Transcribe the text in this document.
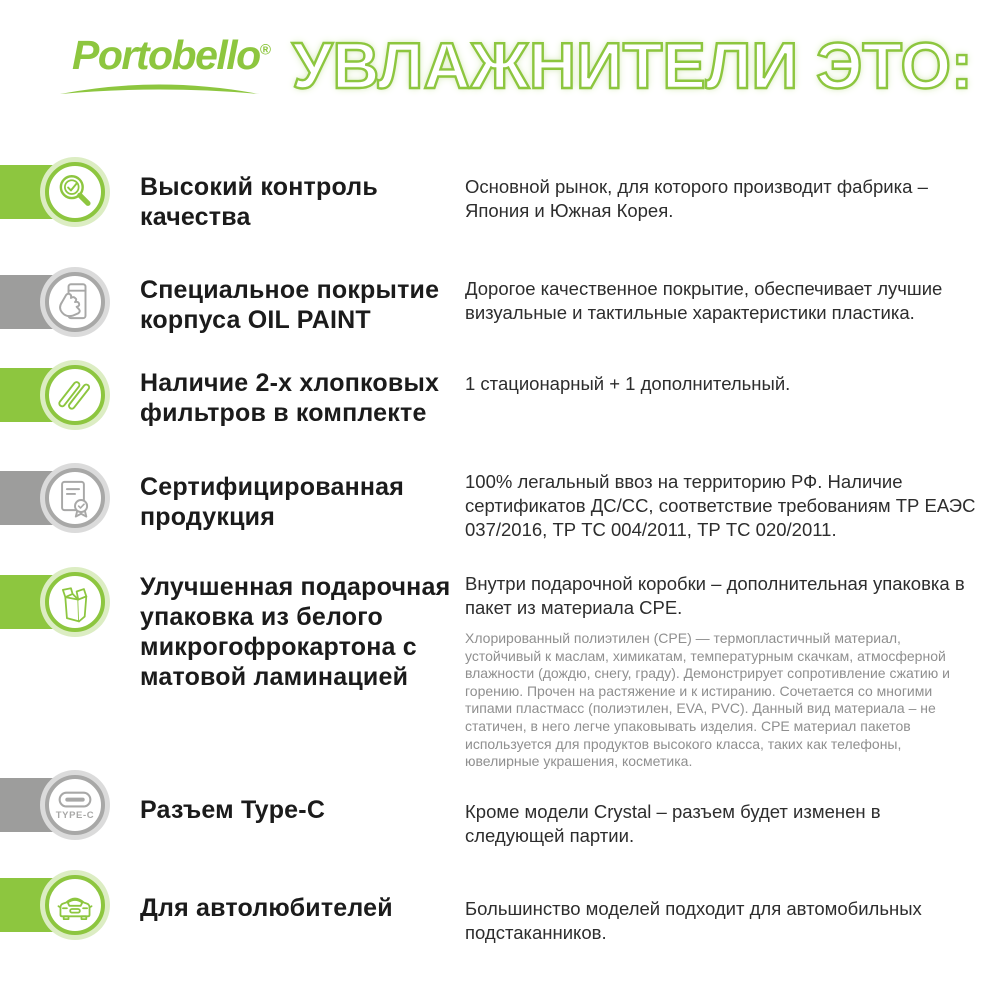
Portobello® УВЛАЖНИТЕЛИ ЭТО:
Высокий контроль качества

Основной рынок, для которого производит фабрика – Япония и Южная Корея.

Специальное покрытие корпуса OIL PAINT

Дорогое качественное покрытие, обеспечивает лучшие визуальные и тактильные характеристики пластика.

Наличие 2-х хлопковых фильтров в комплекте

1 стационарный + 1 дополнительный.

Сертифицированная продукция

100% легальный ввоз на территорию РФ. Наличие сертификатов ДС/СС, соответствие требованиям ТР ЕАЭС 037/2016, ТР ТС 004/2011, ТР ТС 020/2011.

Улучшенная подарочная упаковка из белого микрогофрокартона с матовой ламинацией

Внутри подарочной коробки – дополнительная упаковка в пакет из материала СРЕ.

Хлорированный полиэтилен (СРЕ) — термопластичный материал, устойчивый к маслам, химикатам, температурным скачкам, атмосферной влажности (дождю, снегу, граду). Демонстрирует сопротивление сжатию и горению. Прочен на растяжение и к истиранию. Сочетается со многими типами пластмасс (полиэтилен, EVA, PVC). Данный вид материала – не статичен, в него легче упаковывать изделия. СРЕ материал пакетов используется для продуктов высокого класса, таких как телефоны, ювелирные украшения, косметика.

TYPE-C Разъем Type-C	Кроме модели Crystal – разъем будет изменен в следующей партии.

Для автолюбителей	Большинство моделей подходит для автомобильных подстаканников.
